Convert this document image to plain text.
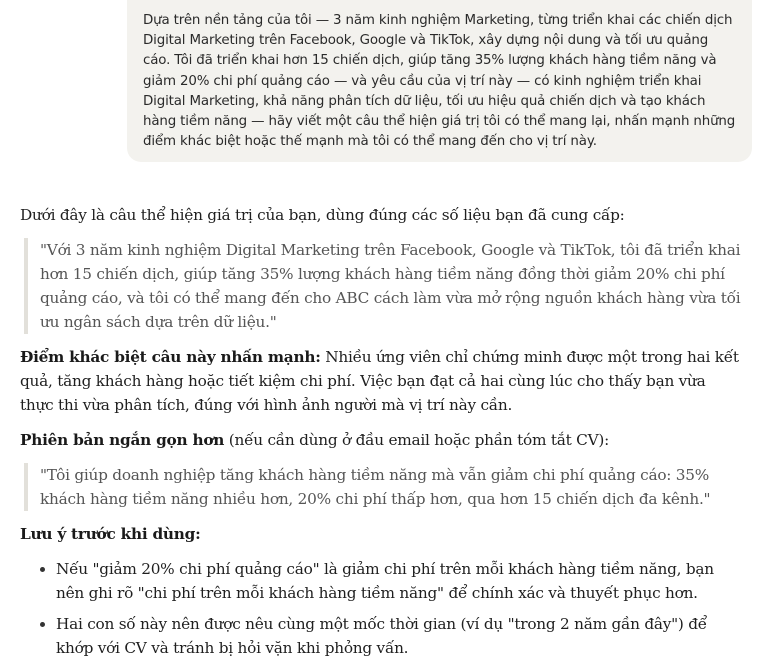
Dựa trên nền tảng của tôi — 3 năm kinh nghiệm Marketing, từng triển khai các chiến dịch Digital Marketing trên Facebook, Google và TikTok, xây dựng nội dung và tối ưu quảng cáo. Tôi đã triển khai hơn 15 chiến dịch, giúp tăng 35% lượng khách hàng tiềm năng và giảm 20% chi phí quảng cáo — và yêu cầu của vị trí này — có kinh nghiệm triển khai Digital Marketing, khả năng phân tích dữ liệu, tối ưu hiệu quả chiến dịch và tạo khách hàng tiềm năng — hãy viết một câu thể hiện giá trị tôi có thể mang lại, nhấn mạnh những điểm khác biệt hoặc thế mạnh mà tôi có thể mang đến cho vị trí này.

Dưới đây là câu thể hiện giá trị của bạn, dùng đúng các số liệu bạn đã cung cấp:

"Với 3 năm kinh nghiệm Digital Marketing trên Facebook, Google và TikTok, tôi đã triển khai hơn 15 chiến dịch, giúp tăng 35% lượng khách hàng tiềm năng đồng thời giảm 20% chi phí quảng cáo, và tôi có thể mang đến cho ABC cách làm vừa mở rộng nguồn khách hàng vừa tối ưu ngân sách dựa trên dữ liệu."

Điểm khác biệt câu này nhấn mạnh: Nhiều ứng viên chỉ chứng minh được một trong hai kết quả, tăng khách hàng hoặc tiết kiệm chi phí. Việc bạn đạt cả hai cùng lúc cho thấy bạn vừa thực thi vừa phân tích, đúng với hình ảnh người mà vị trí này cần.

Phiên bản ngắn gọn hơn (nếu cần dùng ở đầu email hoặc phần tóm tắt CV):

"Tôi giúp doanh nghiệp tăng khách hàng tiềm năng mà vẫn giảm chi phí quảng cáo: 35% khách hàng tiềm năng nhiều hơn, 20% chi phí thấp hơn, qua hơn 15 chiến dịch đa kênh."

Lưu ý trước khi dùng:

• Nếu "giảm 20% chi phí quảng cáo" là giảm chi phí trên mỗi khách hàng tiềm năng, bạn nên ghi rõ "chi phí trên mỗi khách hàng tiềm năng" để chính xác và thuyết phục hơn.
• Hai con số này nên được nêu cùng một mốc thời gian (ví dụ "trong 2 năm gần đây") để khớp với CV và tránh bị hỏi vặn khi phỏng vấn.
